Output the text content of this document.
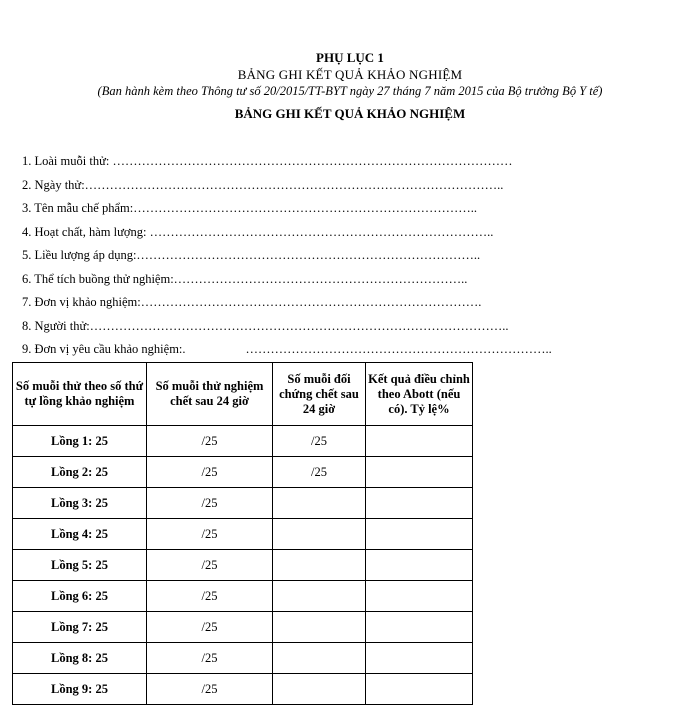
PHỤ LỤC 1
BẢNG GHI KẾT QUẢ KHẢO NGHIỆM
(Ban hành kèm theo Thông tư số 20/2015/TT-BYT ngày 27 tháng 7 năm 2015 của Bộ trưởng Bộ Y tế)
BẢNG GHI KẾT QUẢ KHẢO NGHIỆM
1. Loài muỗi thử: ……………………………………………………………………………………
2. Ngày thử:………………………………………………………………………………………..
3. Tên mẫu chế phẩm:………………………………………………………………………..
4. Hoạt chất, hàm lượng: ………………………………………………………………………..
5. Liều lượng áp dụng:………………………………………………………………………..
6. Thể tích buồng thử nghiệm:……………………………………………………………..
7. Đơn vị khảo nghiệm:……………………………………………………………………….
8. Người thử:………………………………………………………………………………………..
9. Đơn vị yêu cầu khảo nghiệm:.	………………………………………………………………..
Số muỗi thử theo số thứ tự lồng khảo nghiệm	Số muỗi thử nghiệm chết sau 24 giờ	Số muỗi đối chứng chết sau 24 giờ	Kết quả điều chỉnh theo Abott (nếu có). Tỷ lệ%
Lồng 1: 25	/25	/25	
Lồng 2: 25	/25	/25	
Lồng 3: 25	/25		
Lồng 4: 25	/25		
Lồng 5: 25	/25		
Lồng 6: 25	/25		
Lồng 7: 25	/25		
Lồng 8: 25	/25		
Lồng 9: 25	/25		
